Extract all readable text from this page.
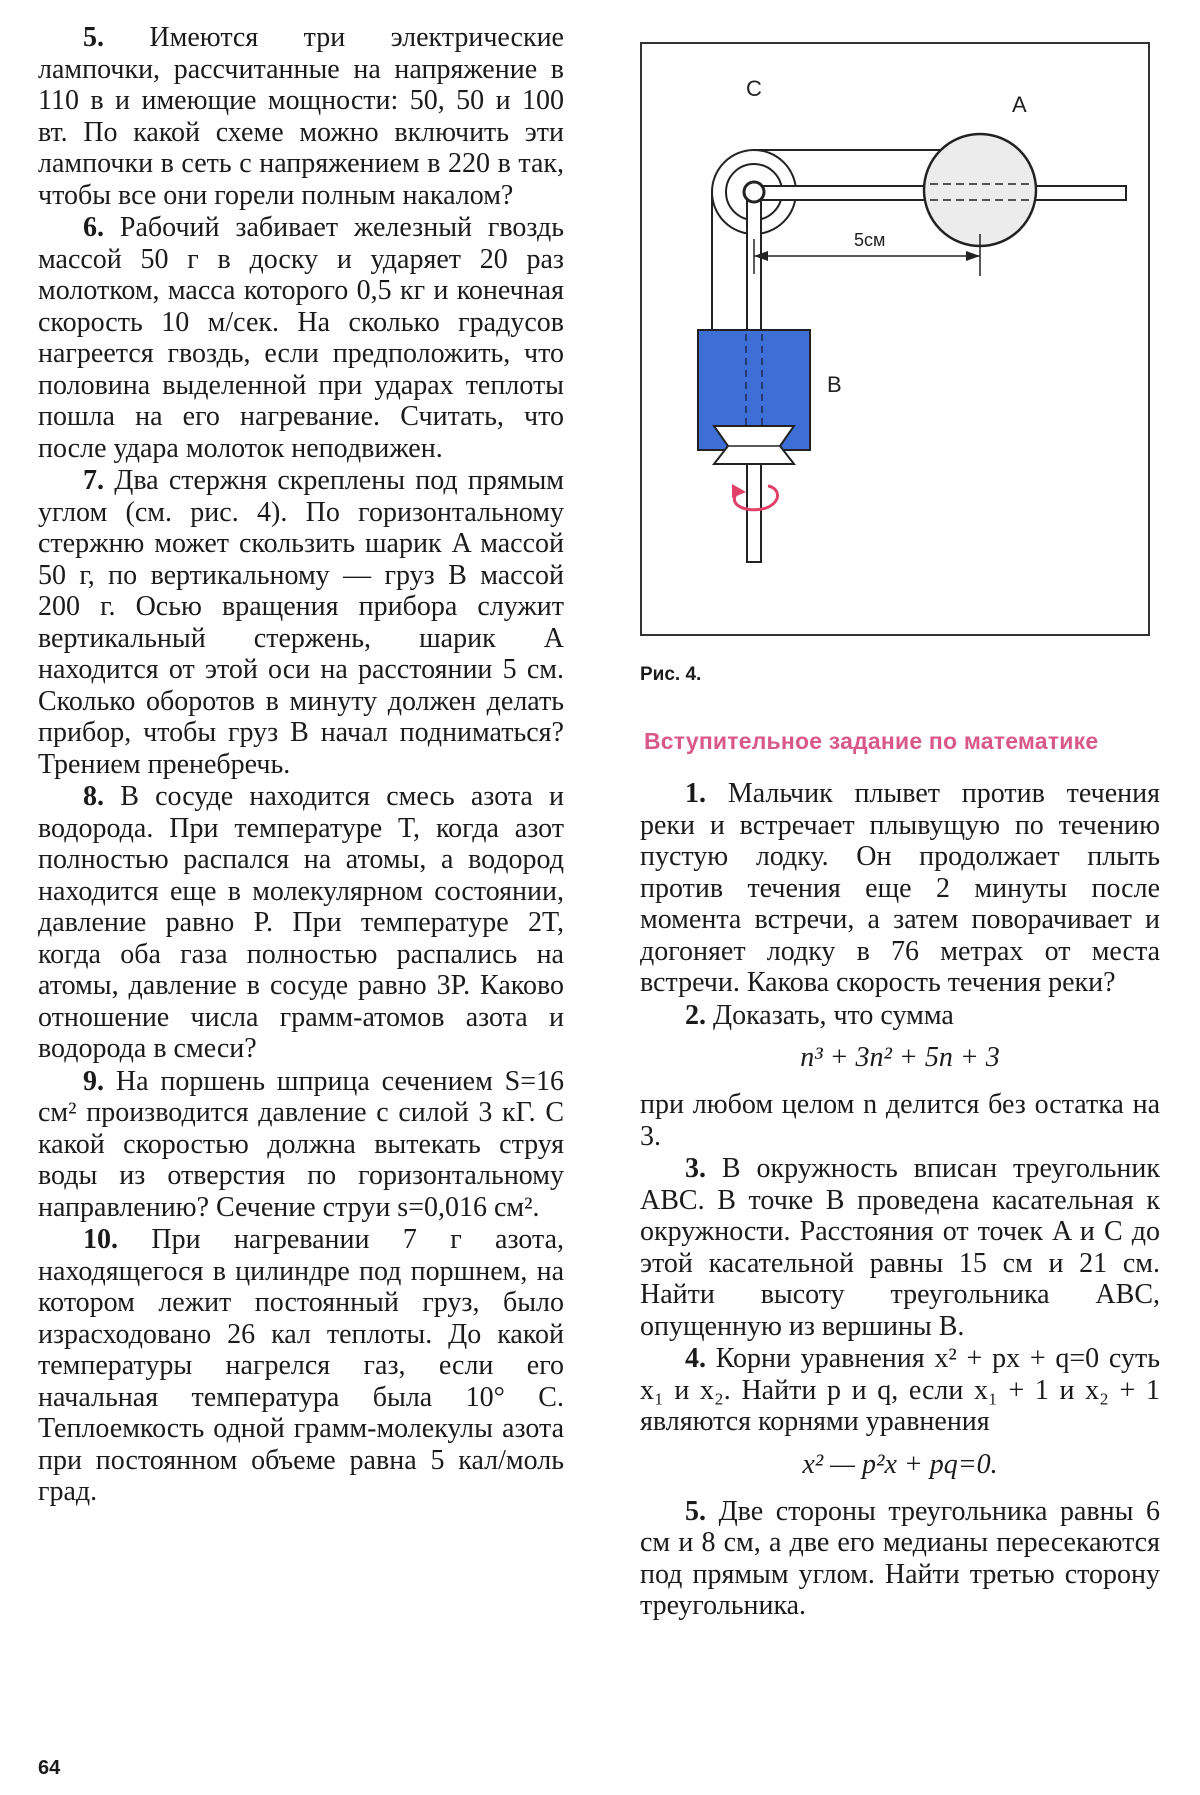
5. Имеются три электрические лампочки, рассчитанные на напряжение в 110 в и имеющие мощности: 50, 50 и 100 вт. По какой схеме можно включить эти лампочки в сеть с напряжением в 220 в так, чтобы все они горели полным накалом?

6. Рабочий забивает железный гвоздь массой 50 г в доску и ударяет 20 раз молотком, масса которого 0,5 кг и конечная скорость 10 м/сек. На сколько градусов нагреется гвоздь, если предположить, что половина выделенной при ударах теплоты пошла на его нагревание. Считать, что после удара молоток неподвижен.

7. Два стержня скреплены под прямым углом (см. рис. 4). По горизонтальному стержню может скользить шарик A массой 50 г, по вертикальному — груз B массой 200 г. Осью вращения прибора служит вертикальный стержень, шарик A находится от этой оси на расстоянии 5 см. Сколько оборотов в минуту должен делать прибор, чтобы груз B начал подниматься? Трением пренебречь.

8. В сосуде находится смесь азота и водорода. При температуре T, когда азот полностью распался на атомы, а водород находится еще в молекулярном состоянии, давление равно P. При температуре 2T, когда оба газа полностью распались на атомы, давление в сосуде равно 3P. Каково отношение числа грамм-атомов азота и водорода в смеси?

9. На поршень шприца сечением S=16 см² производится давление с силой 3 кГ. С какой скоростью должна вытекать струя воды из отверстия по горизонтальному направлению? Сечение струи s=0,016 см².

10. При нагревании 7 г азота, находящегося в цилиндре под поршнем, на котором лежит постоянный груз, было израсходовано 26 кал теплоты. До какой температуры нагрелся газ, если его начальная температура была 10° С. Теплоемкость одной грамм-молекулы азота при постоянном объеме равна 5 кал/моль град.

64
C
A
B
5см
Рис. 4.
Вступительное задание по математике

1. Мальчик плывет против течения реки и встречает плывущую по течению пустую лодку. Он продолжает плыть против течения еще 2 минуты после момента встречи, а затем поворачивает и догоняет лодку в 76 метрах от места встречи. Какова скорость течения реки?

2. Доказать, что сумма

n³ + 3n² + 5n + 3

при любом целом n делится без остатка на 3.

3. В окружность вписан треугольник ABC. В точке B проведена касательная к окружности. Расстояния от точек A и C до этой касательной равны 15 см и 21 см. Найти высоту треугольника ABC, опущенную из вершины B.

4. Корни уравнения x² + px + q=0 суть x₁ и x₂. Найти p и q, если x₁ + 1 и x₂ + 1 являются корнями уравнения

x² — p²x + pq=0.

5. Две стороны треугольника равны 6 см и 8 см, а две его медианы пересекаются под прямым углом. Найти третью сторону треугольника.
